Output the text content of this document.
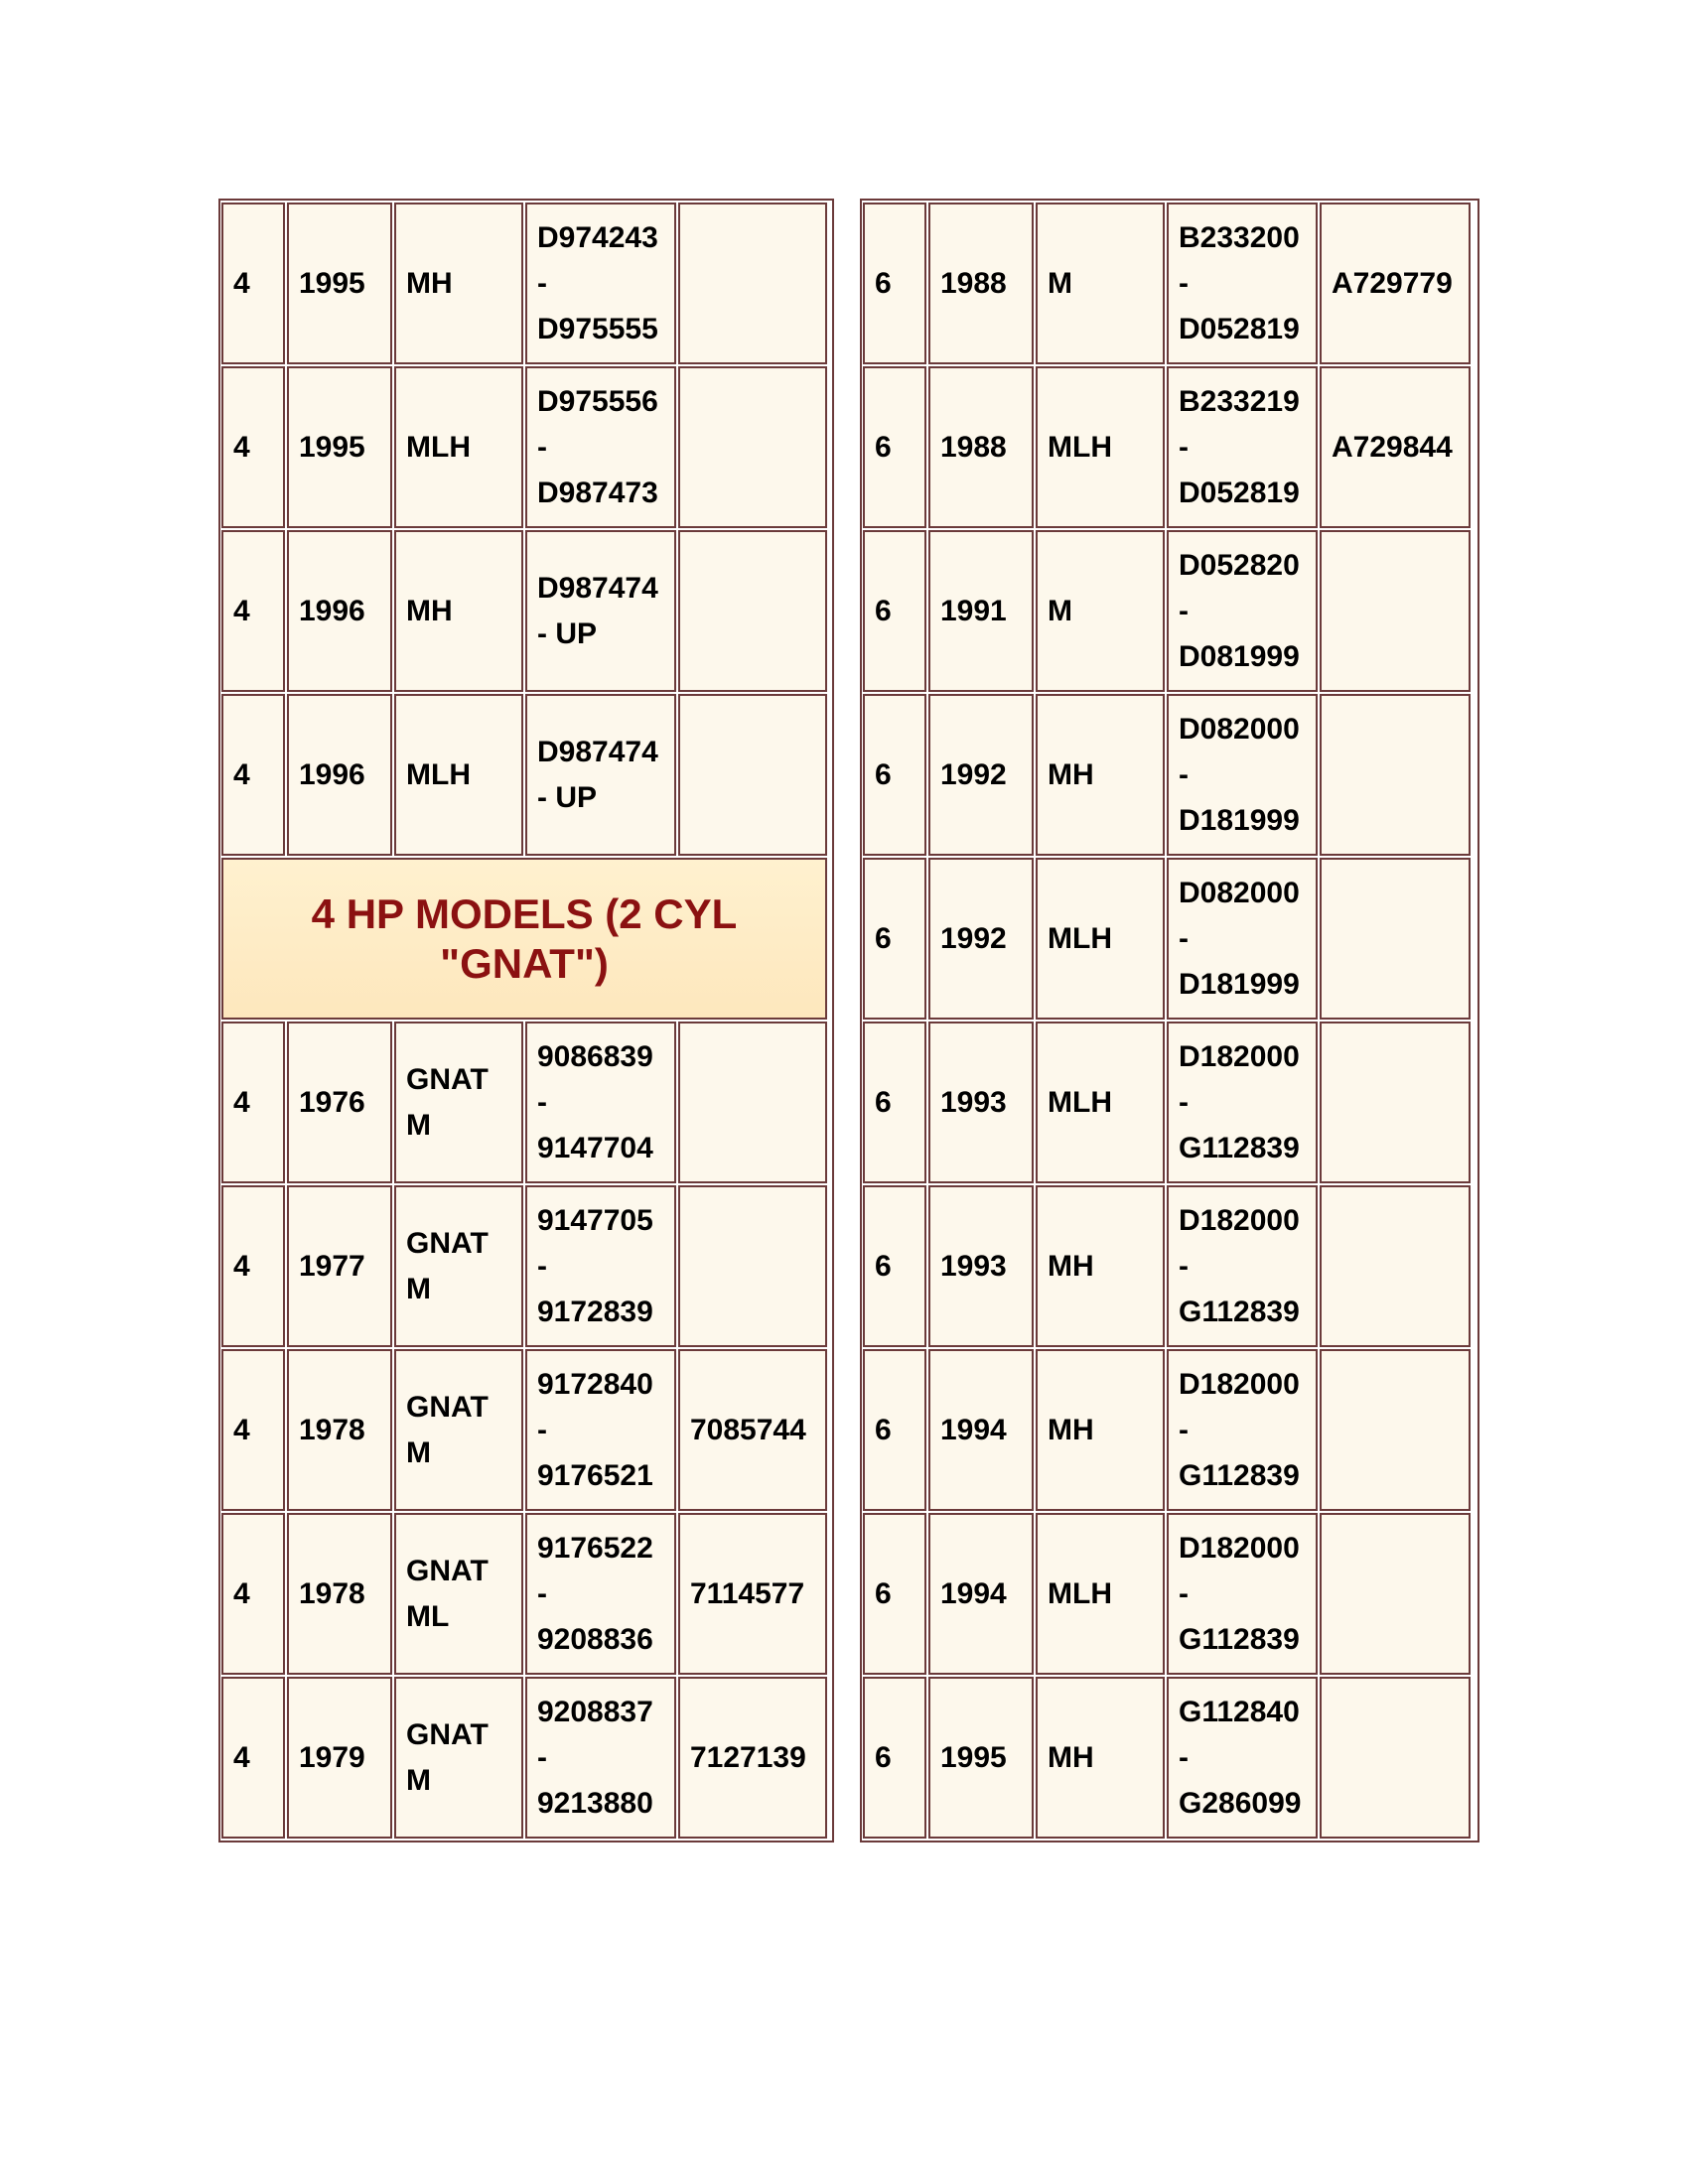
4 1995 MH
D974243
-
D975555
4 1995 MLH
D975556
-
D987473
4 1996 MH
D987474
- UP
4 1996 MLH
D987474
- UP
4 HP MODELS (2 CYL "GNAT")
4 1976
GNAT
M
9086839
-
9147704
4 1977
GNAT
M
9147705
-
9172839
4 1978
GNAT
M
9172840
-
9176521
7085744
4 1978
GNAT
ML
9176522
-
9208836
7114577
4 1979
GNAT
M
9208837
-
9213880
7127139
6 1988 M
B233200
-
D052819
A729779
6 1988 MLH
B233219
-
D052819
A729844
6 1991 M
D052820
-
D081999
6 1992 MH
D082000
-
D181999
6 1992 MLH
D082000
-
D181999
6 1993 MLH
D182000
-
G112839
6 1993 MH
D182000
-
G112839
6 1994 MH
D182000
-
G112839
6 1994 MLH
D182000
-
G112839
6 1995 MH
G112840
-
G286099
